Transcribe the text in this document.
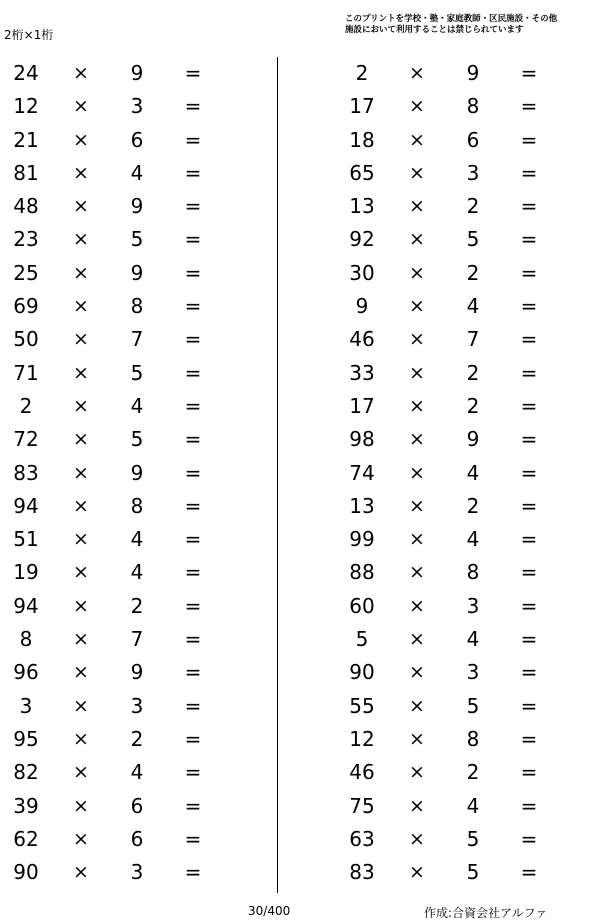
2桁×1桁
このプリントを学校・塾・家庭教師・区民施設・その他
施設において利用することは禁じられています
24	×	9	=
12	×	3	=
21	×	6	=
81	×	4	=
48	×	9	=
23	×	5	=
25	×	9	=
69	×	8	=
50	×	7	=
71	×	5	=
2	×	4	=
72	×	5	=
83	×	9	=
94	×	8	=
51	×	4	=
19	×	4	=
94	×	2	=
8	×	7	=
96	×	9	=
3	×	3	=
95	×	2	=
82	×	4	=
39	×	6	=
62	×	6	=
90	×	3	=
2	×	9	=
17	×	8	=
18	×	6	=
65	×	3	=
13	×	2	=
92	×	5	=
30	×	2	=
9	×	4	=
46	×	7	=
33	×	2	=
17	×	2	=
98	×	9	=
74	×	4	=
13	×	2	=
99	×	4	=
88	×	8	=
60	×	3	=
5	×	4	=
90	×	3	=
55	×	5	=
12	×	8	=
46	×	2	=
75	×	4	=
63	×	5	=
83	×	5	=
30/400	作成:合資会社アルファ
